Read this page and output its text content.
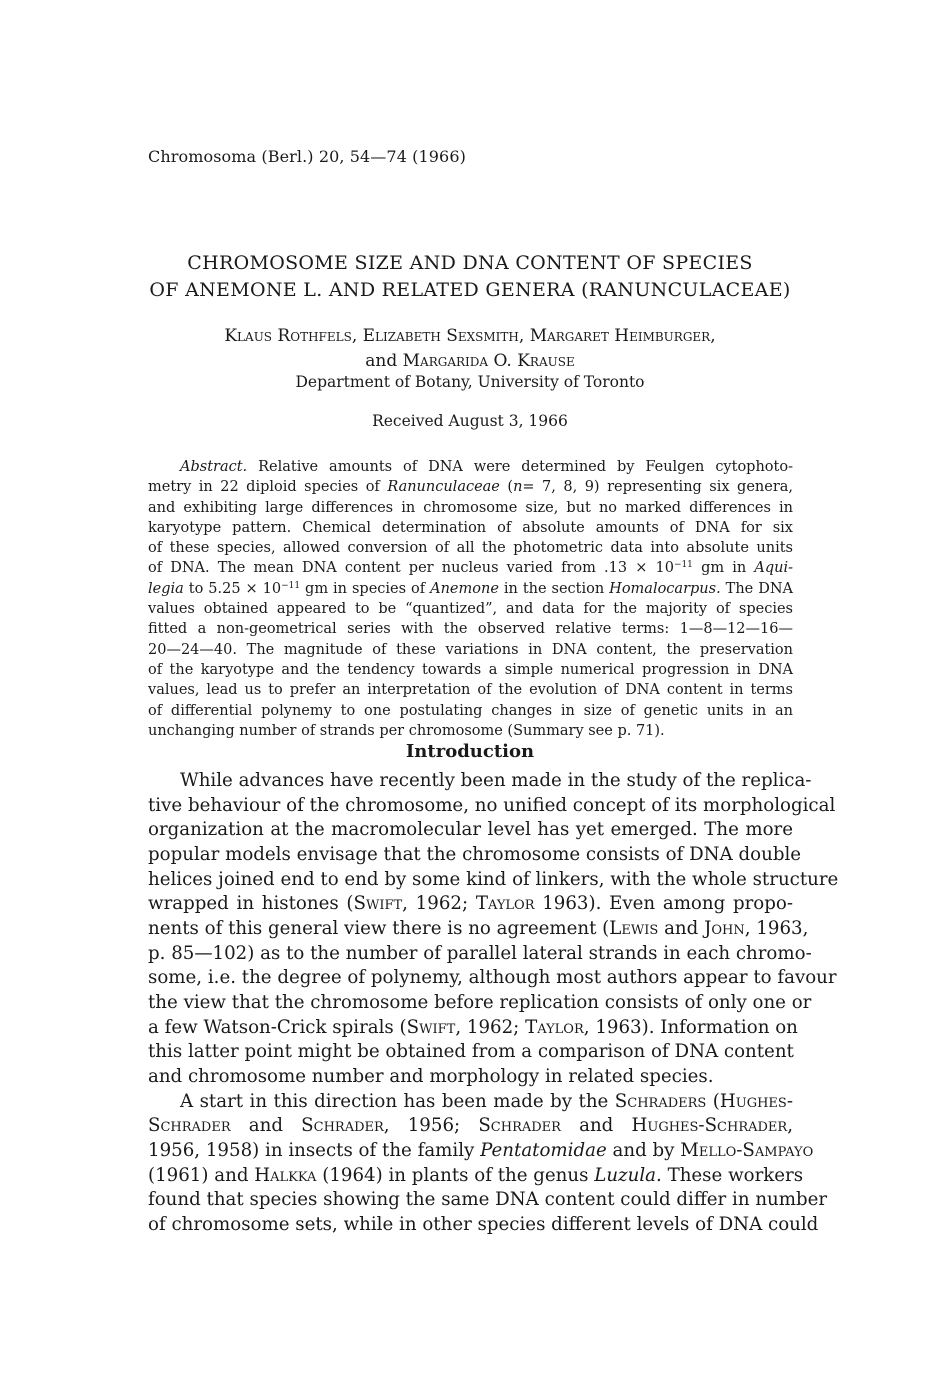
Chromosoma (Berl.) 20, 54—74 (1966)
CHROMOSOME SIZE AND DNA CONTENT OF SPECIES
OF ANEMONE L. AND RELATED GENERA (RANUNCULACEAE)
Klaus Rothfels, Elizabeth Sexsmith, Margaret Heimburger,
and Margarida O. Krause
Department of Botany, University of Toronto
Received August 3, 1966
Abstract. Relative amounts of DNA were determined by Feulgen cytophoto-
metry in 22 diploid species of Ranunculaceae (n= 7, 8, 9) representing six genera,
and exhibiting large differences in chromosome size, but no marked differences in
karyotype pattern. Chemical determination of absolute amounts of DNA for six
of these species, allowed conversion of all the photometric data into absolute units
of DNA. The mean DNA content per nucleus varied from $.13 \times 10^{-11}$ gm in Aqui-
legia to $5.25 \times 10^{-11}$ gm in species of Anemone in the section Homalocarpus. The DNA
values obtained appeared to be “quantized”, and data for the majority of species
fitted a non-geometrical series with the observed relative terms: 1—8—12—16—
20—24—40. The magnitude of these variations in DNA content, the preservation
of the karyotype and the tendency towards a simple numerical progression in DNA
values, lead us to prefer an interpretation of the evolution of DNA content in terms
of differential polynemy to one postulating changes in size of genetic units in an
unchanging number of strands per chromosome (Summary see p. 71).
Introduction
While advances have recently been made in the study of the replica-
tive behaviour of the chromosome, no unified concept of its morphological
organization at the macromolecular level has yet emerged. The more
popular models envisage that the chromosome consists of DNA double
helices joined end to end by some kind of linkers, with the whole structure
wrapped in histones (Swift, 1962; Taylor 1963). Even among propo-
nents of this general view there is no agreement (Lewis and John, 1963,
p. 85—102) as to the number of parallel lateral strands in each chromo-
some, i.e. the degree of polynemy, although most authors appear to favour
the view that the chromosome before replication consists of only one or
a few Watson-Crick spirals (Swift, 1962; Taylor, 1963). Information on
this latter point might be obtained from a comparison of DNA content
and chromosome number and morphology in related species.
A start in this direction has been made by the Schraders (Hughes-
Schrader and Schrader, 1956; Schrader and Hughes-Schrader,
1956, 1958) in insects of the family Pentatomidae and by Mello-Sampayo
(1961) and Halkka (1964) in plants of the genus Luzula. These workers
found that species showing the same DNA content could differ in number
of chromosome sets, while in other species different levels of DNA could
